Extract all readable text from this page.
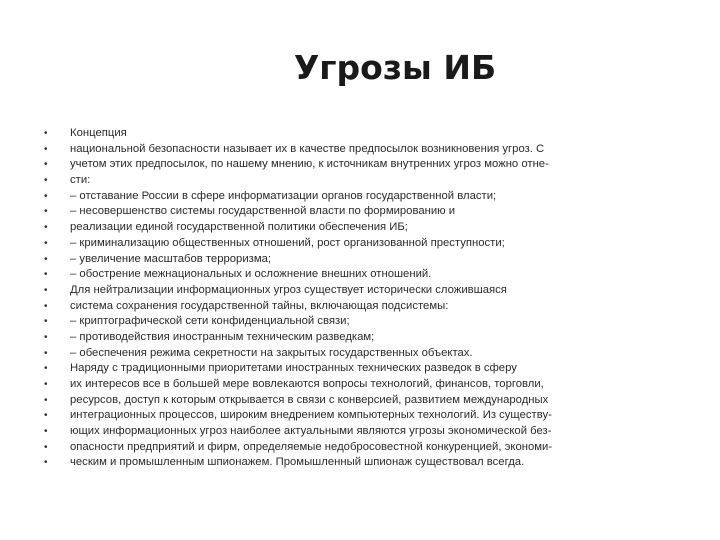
Угрозы ИБ
•	Концепция
•	национальной безопасности называет их в качестве предпосылок возникновения угроз. С
•	учетом этих предпосылок, по нашему мнению, к источникам внутренних угроз можно отне-
•	сти:
•	– отставание России в сфере информатизации органов государственной власти;
•	– несовершенство системы государственной власти по формированию и
•	реализации единой государственной политики обеспечения ИБ;
•	– криминализацию общественных отношений, рост организованной преступности;
•	– увеличение масштабов терроризма;
•	– обострение межнациональных и осложнение внешних отношений.
•	Для нейтрализации информационных угроз существует исторически сложившаяся
•	система сохранения государственной тайны, включающая подсистемы:
•	– криптографической сети конфиденциальной связи;
•	– противодействия иностранным техническим разведкам;
•	– обеспечения режима секретности на закрытых государственных объектах.
•	Наряду с традиционными приоритетами иностранных технических разведок в сферу
•	их интересов все в большей мере вовлекаются вопросы технологий, финансов, торговли,
•	ресурсов, доступ к которым открывается в связи с конверсией, развитием международных
•	интеграционных процессов, широким внедрением компьютерных технологий. Из существу-
•	ющих информационных угроз наиболее актуальными являются угрозы экономической без-
•	опасности предприятий и фирм, определяемые недобросовестной конкуренцией, экономи-
•	ческим и промышленным шпионажем. Промышленный шпионаж существовал всегда.
